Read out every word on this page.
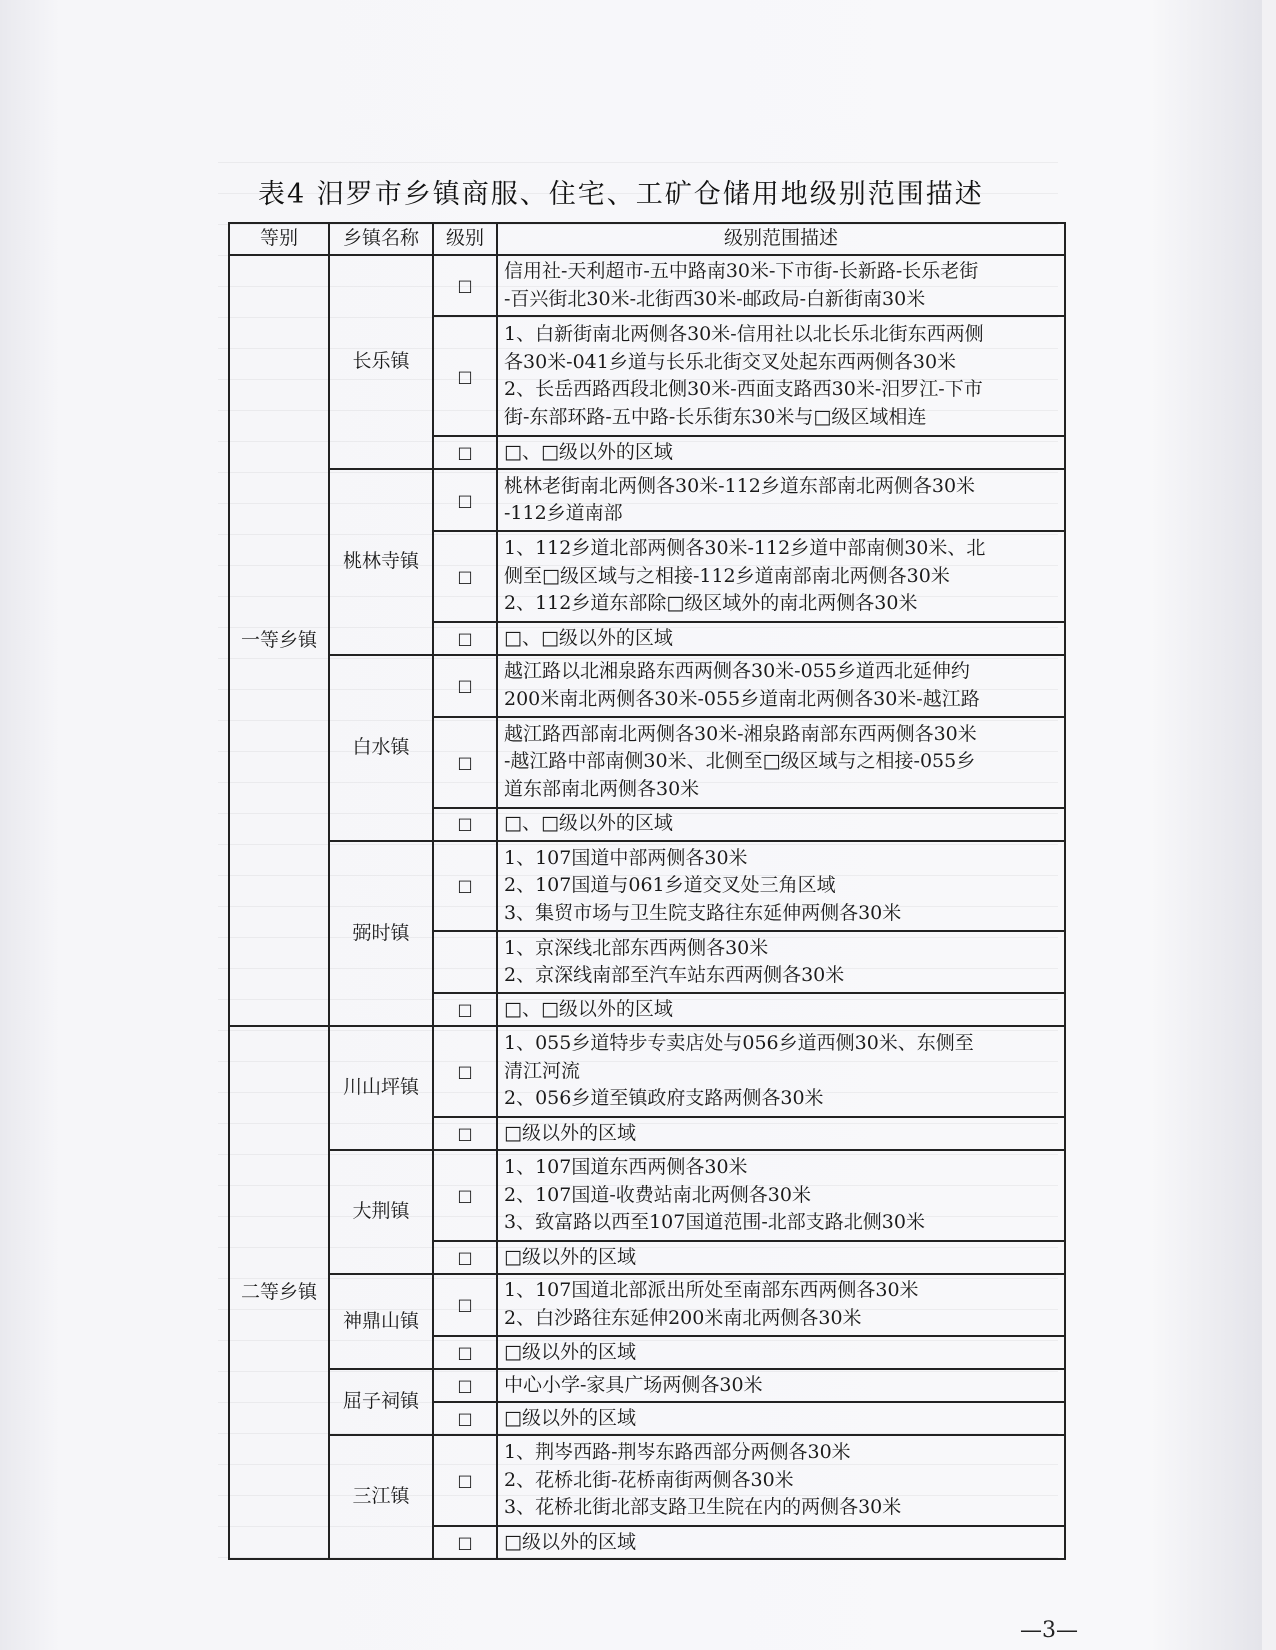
表4 汨罗市乡镇商服、住宅、工矿仓储用地级别范围描述
等别	乡镇名称	级别	级别范围描述
一等乡镇	长乐镇	□	信用社-天利超市-五中路南30米-下市街-长新路-长乐老街
-百兴街北30米-北街西30米-邮政局-白新街南30米

		□	1、白新街南北两侧各30米-信用社以北长乐北街东西两侧
各30米-041乡道与长乐北街交叉处起东西两侧各30米
2、长岳西路西段北侧30米-西面支路西30米-汨罗江-下市
街-东部环路-五中路-长乐街东30米与□级区域相连

		□	□、□级以外的区域

	桃林寺镇	□	桃林老街南北两侧各30米-112乡道东部南北两侧各30米
-112乡道南部

		□	1、112乡道北部两侧各30米-112乡道中部南侧30米、北
侧至□级区域与之相接-112乡道南部南北两侧各30米
2、112乡道东部除□级区域外的南北两侧各30米

		□	□、□级以外的区域

	白水镇	□	越江路以北湘泉路东西两侧各30米-055乡道西北延伸约
200米南北两侧各30米-055乡道南北两侧各30米-越江路

		□	越江路西部南北两侧各30米-湘泉路南部东西两侧各30米
-越江路中部南侧30米、北侧至□级区域与之相接-055乡
道东部南北两侧各30米

		□	□、□级以外的区域

	弼时镇	□	1、107国道中部两侧各30米
2、107国道与061乡道交叉处三角区域
3、集贸市场与卫生院支路往东延伸两侧各30米

			1、京深线北部东西两侧各30米
2、京深线南部至汽车站东西两侧各30米

		□	□、□级以外的区域

二等乡镇	川山坪镇	□	1、055乡道特步专卖店处与056乡道西侧30米、东侧至
清江河流
2、056乡道至镇政府支路两侧各30米

		□	□级以外的区域

	大荆镇	□	1、107国道东西两侧各30米
2、107国道-收费站南北两侧各30米
3、致富路以西至107国道范围-北部支路北侧30米

		□	□级以外的区域

	神鼎山镇	□	1、107国道北部派出所处至南部东西两侧各30米
2、白沙路往东延伸200米南北两侧各30米

		□	□级以外的区域

	屈子祠镇	□	中心小学-家具广场两侧各30米

		□	□级以外的区域

	三江镇	□	1、荆岑西路-荆岑东路西部分两侧各30米
2、花桥北街-花桥南街两侧各30米
3、花桥北街北部支路卫生院在内的两侧各30米

		□	□级以外的区域
—3—
